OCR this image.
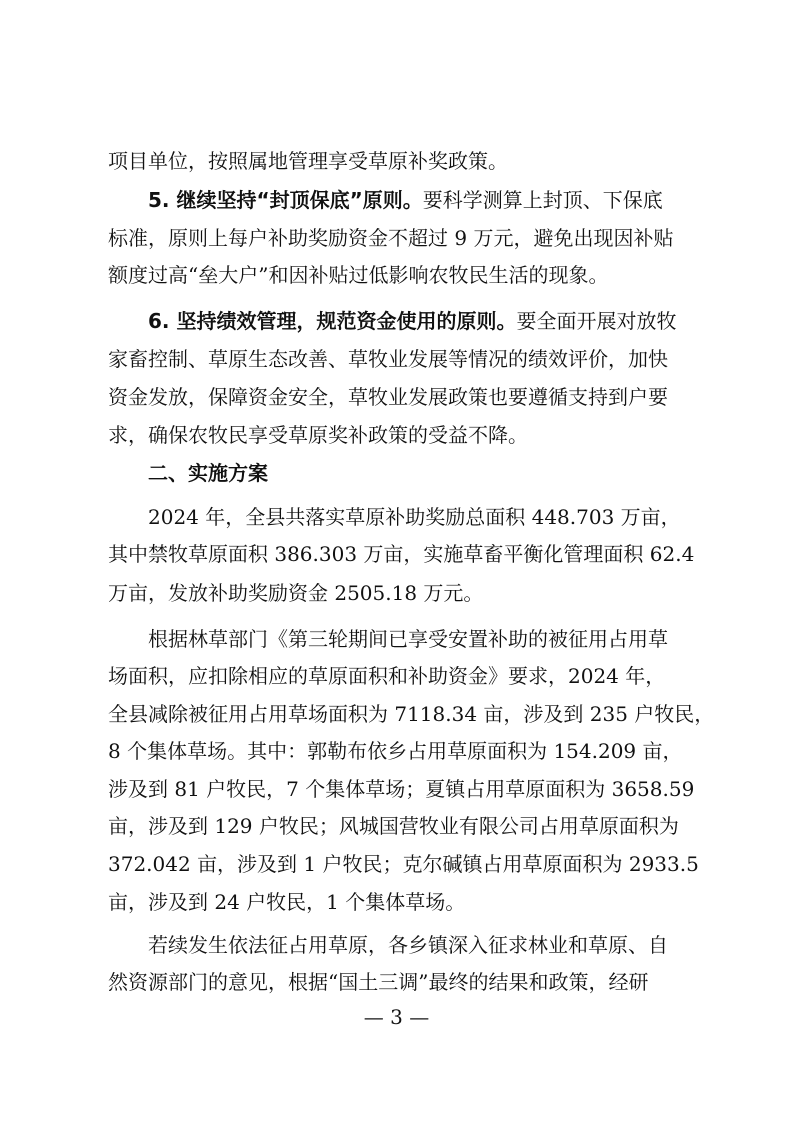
项目单位，按照属地管理享受草原补奖政策。
5. 继续坚持“封顶保底”原则。要科学测算上封顶、下保底
标准，原则上每户补助奖励资金不超过 9 万元，避免出现因补贴
额度过高“垒大户”和因补贴过低影响农牧民生活的现象。
6. 坚持绩效管理，规范资金使用的原则。要全面开展对放牧
家畜控制、草原生态改善、草牧业发展等情况的绩效评价，加快
资金发放，保障资金安全，草牧业发展政策也要遵循支持到户要
求，确保农牧民享受草原奖补政策的受益不降。
二、实施方案
2024 年，全县共落实草原补助奖励总面积 448.703 万亩，
其中禁牧草原面积 386.303 万亩，实施草畜平衡化管理面积 62.4
万亩，发放补助奖励资金 2505.18 万元。
根据林草部门《第三轮期间已享受安置补助的被征用占用草
场面积，应扣除相应的草原面积和补助资金》要求，2024 年，
全县减除被征用占用草场面积为 7118.34 亩，涉及到 235 户牧民，
8 个集体草场。其中：郭勒布依乡占用草原面积为 154.209 亩，
涉及到 81 户牧民，7 个集体草场；夏镇占用草原面积为 3658.59
亩，涉及到 129 户牧民；风城国营牧业有限公司占用草原面积为
372.042 亩，涉及到 1 户牧民；克尔碱镇占用草原面积为 2933.5
亩，涉及到 24 户牧民，1 个集体草场。
若续发生依法征占用草原，各乡镇深入征求林业和草原、自
然资源部门的意见，根据“国土三调”最终的结果和政策，经研
— 3 —
